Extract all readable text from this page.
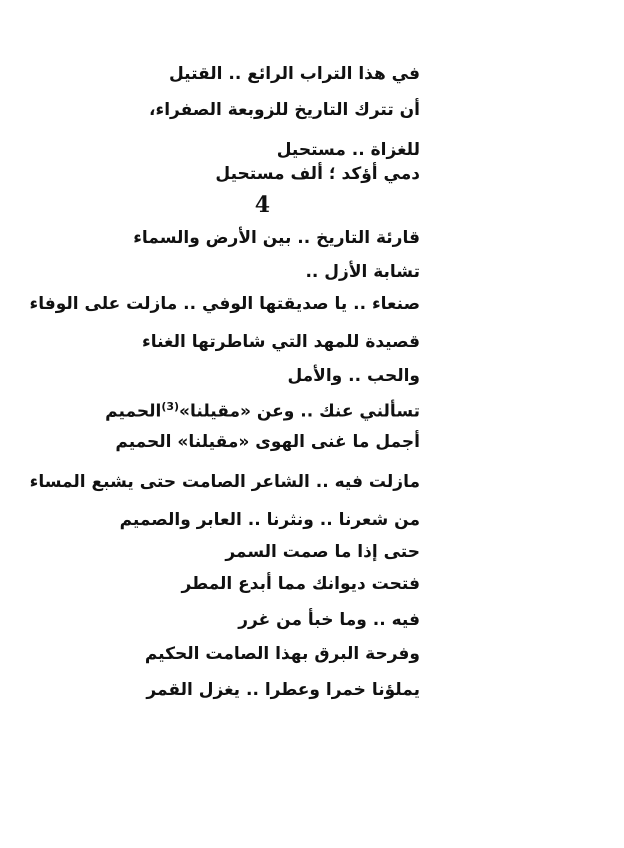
في هذا التراب الرائع .. القتيل
أن تترك التاريخ للزوبعة الصفراء،
للغزاة .. مستحيل
دمي أؤكد ؛ ألف مستحيل
4
قارئة التاريخ .. بين الأرض والسماء
تشابة الأزل ..
صنعاء .. يا صديقتها الوفي .. مازلت على الوفاء
قصيدة للمهد التي شاطرتها الغناء
والحب .. والأمل
تسألني عنك .. وعن «مقيلنا»$^{(3)}$الحميم
أجمل ما غنى الهوى «مقيلنا» الحميم
مازلت فيه .. الشاعر الصامت حتى يشبع المساء
من شعرنا .. ونثرنا .. العابر والصميم
حتى إذا ما صمت السمر
فتحت ديوانك مما أبدع المطر
فيه .. وما خبأ من غرر
وفرحة البرق بهذا الصامت الحكيم
يملؤنا خمرا وعطرا .. يغزل القمر
